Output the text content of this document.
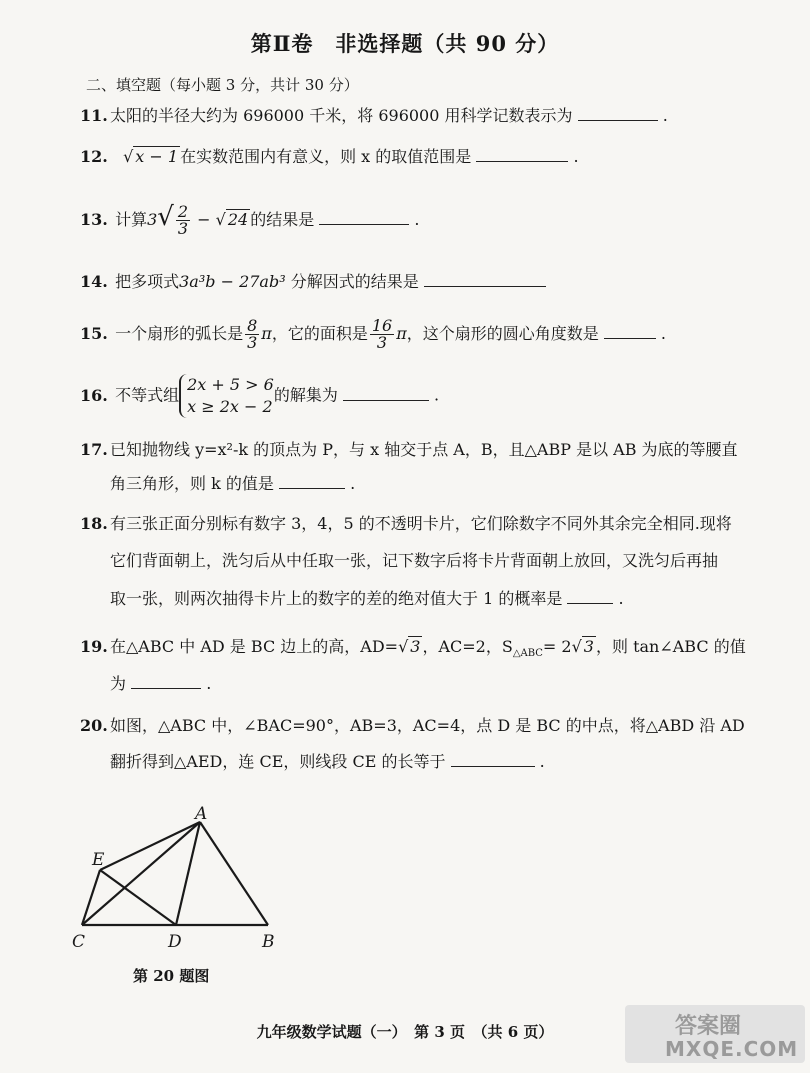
第Ⅱ卷　非选择题（共 90 分）
二、填空题（每小题 3 分，共计 30 分）
11. 太阳的半径大约为 696000 千米，将 696000 用科学记数表示为	.
12. √ x − 1 在实数范围内有意义，则 x 的取值范围是	.
13. 计算$3√ \frac{2}{3}$ − √ 24 的结果是	.
14. 把多项式3a³b − 27ab³ 分解因式的结果是
15. 一个扇形的弧长是 $\frac{8}{3}$ π，它的面积是 $\frac{16}{3}$ π，这个扇形的圆心角度数是	.
16. 不等式组
2x + 5 > 6
x ≥ 2x − 2
的解集为	.
17. 已知抛物线 y=x²-k 的顶点为 P，与 x 轴交于点 A，B，且△ABP 是以 AB 为底的等腰直
角三角形，则 k 的值是	.
18. 有三张正面分别标有数字 3，4，5 的不透明卡片，它们除数字不同外其余完全相同.现将
它们背面朝上，洗匀后从中任取一张，记下数字后将卡片背面朝上放回，又洗匀后再抽
取一张，则两次抽得卡片上的数字的差的绝对值大于 1 的概率是	.
19. 在△ABC 中 AD 是 BC 边上的高，AD=√ 3 ，AC=2，$S_{\triangle ABC}= 2√$ 3 ，则 tan∠ABC 的值
为	.
20. 如图，△ABC 中，∠BAC=90°，AB=3，AC=4，点 D 是 BC 的中点，将△ABD 沿 AD
翻折得到△AED，连 CE，则线段 CE 的长等于	.
A
E
C	D	B
第 20 题图
九年级数学试题（一）　第 3 页　（共 6 页）	答案圈
MXQE.COM
